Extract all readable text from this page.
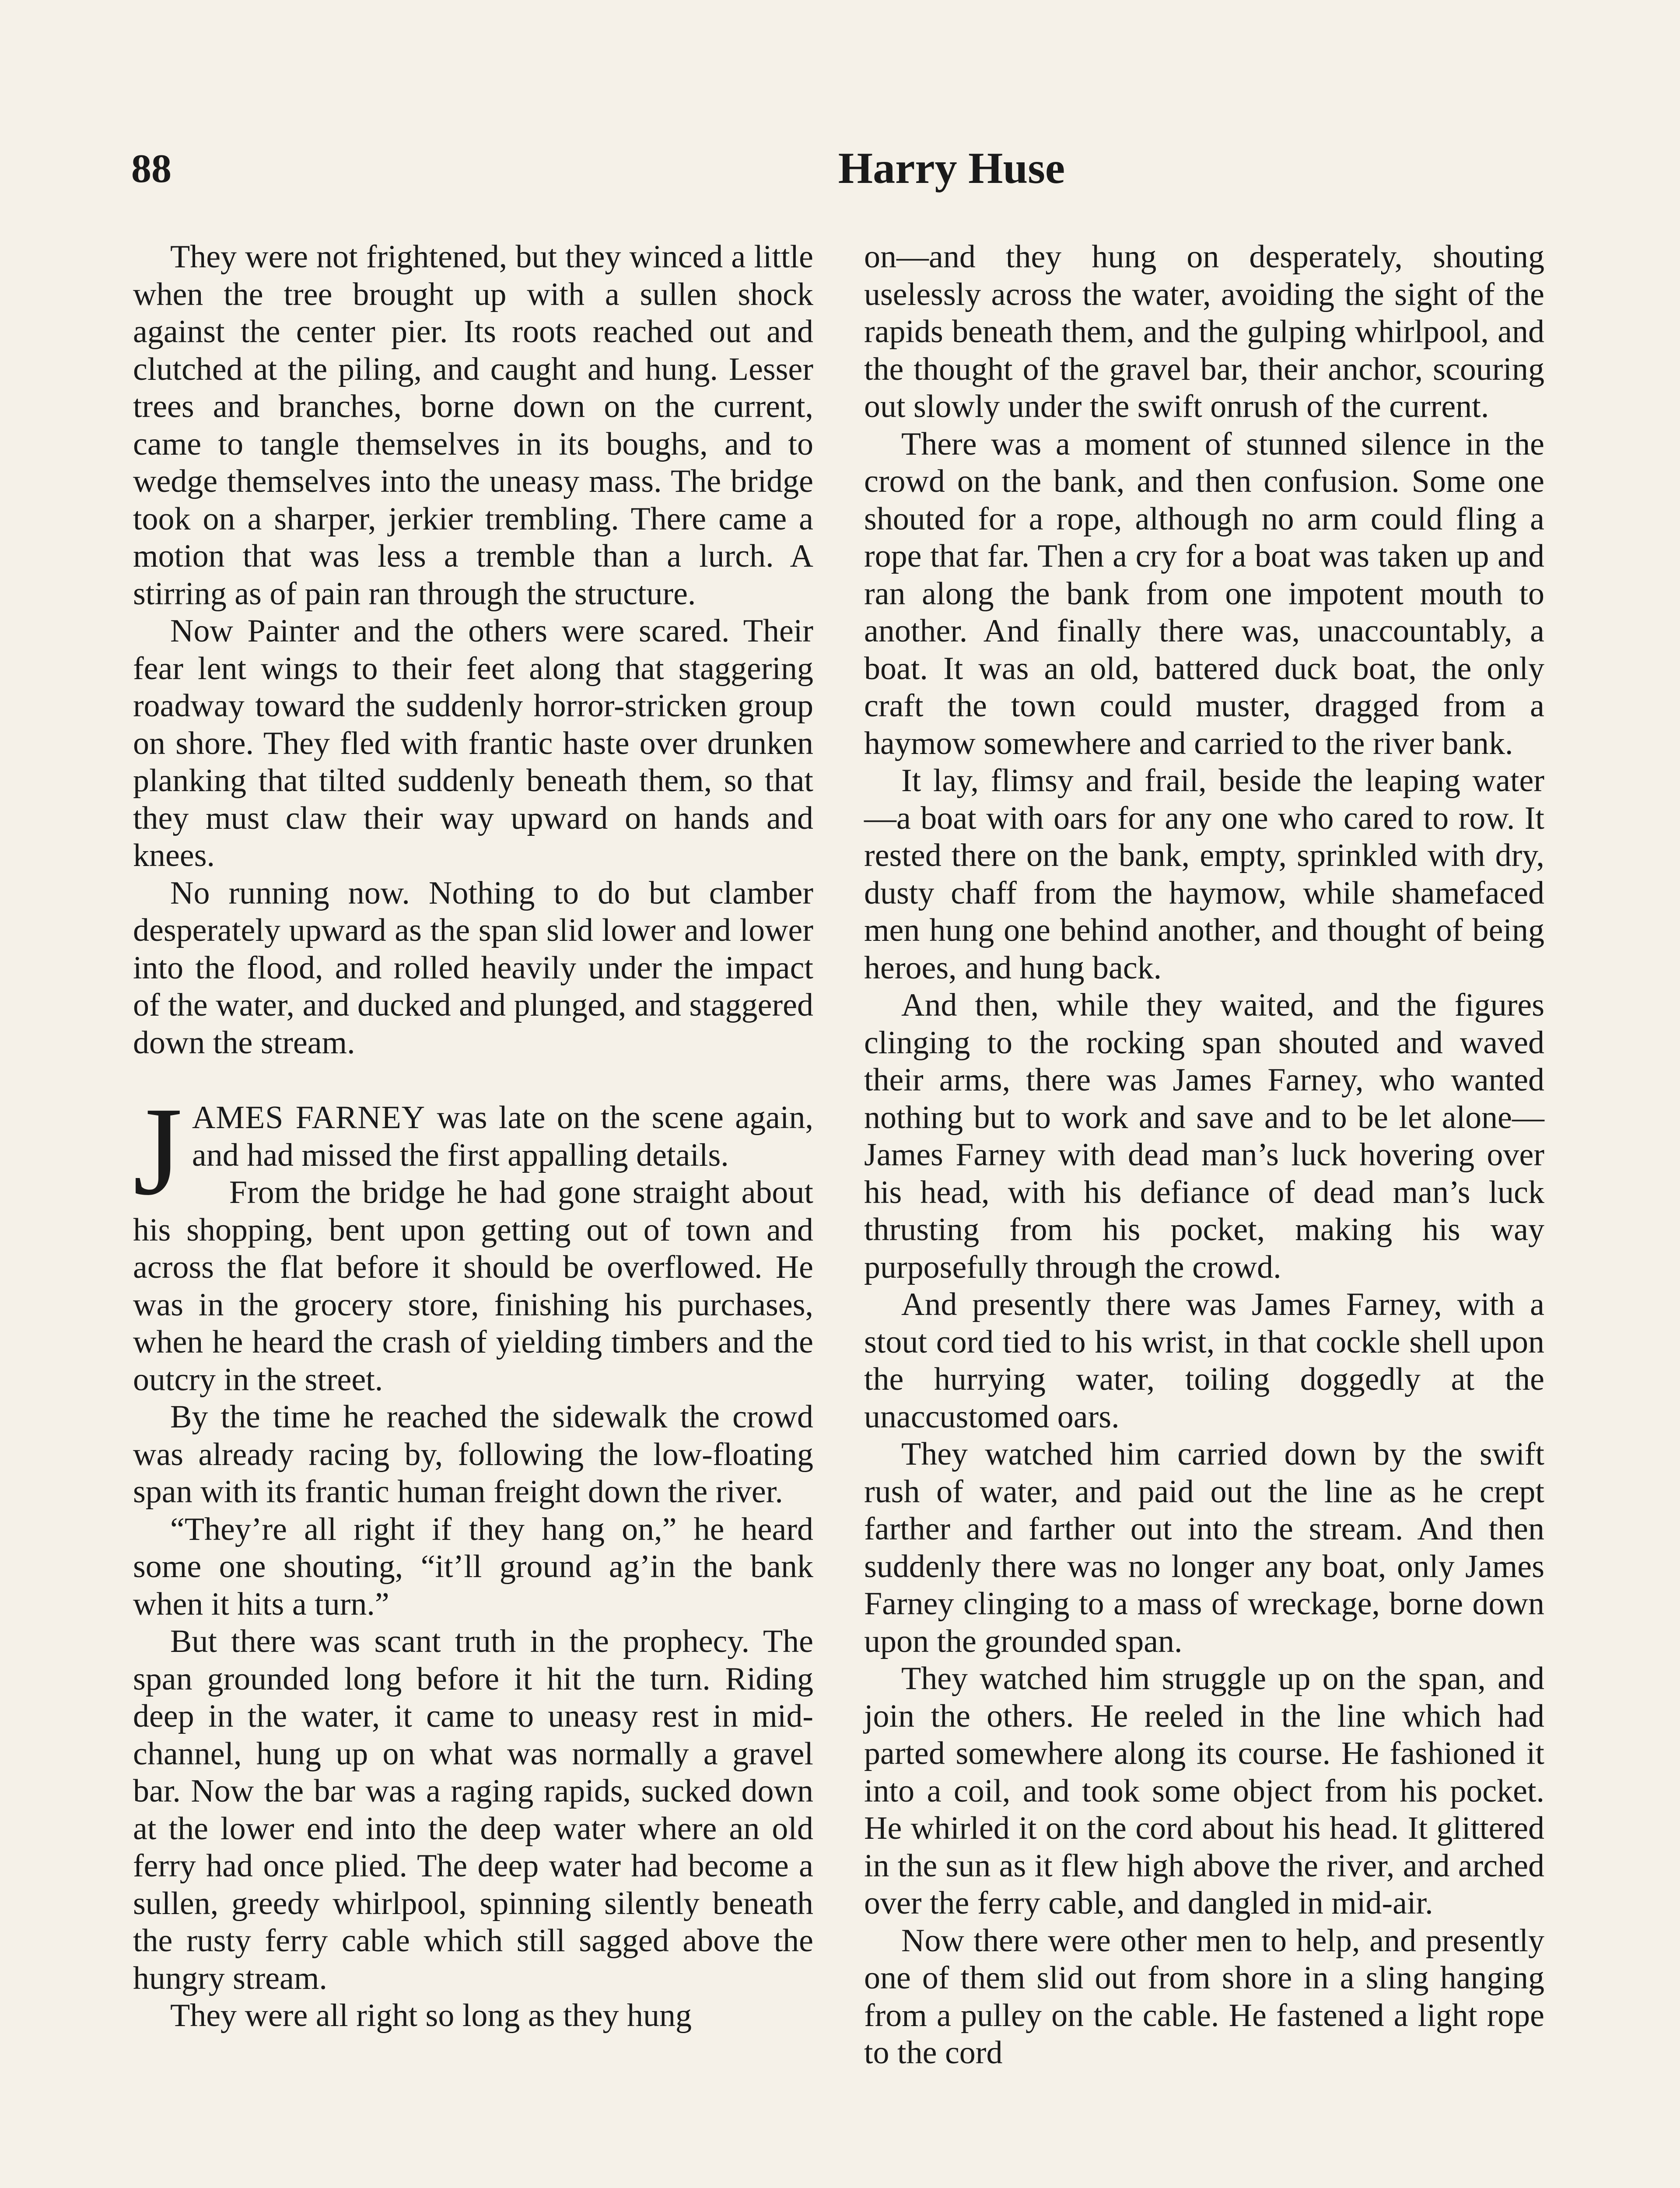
88	Harry Huse

They were not frightened, but they winced a little when the tree brought up with a sullen shock against the center pier. Its roots reached out and clutched at the piling, and caught and hung. Lesser trees and branches, borne down on the current, came to tangle themselves in its boughs, and to wedge themselves into the uneasy mass. The bridge took on a sharper, jerkier trembling. There came a motion that was less a tremble than a lurch. A stirring as of pain ran through the structure.

Now Painter and the others were scared. Their fear lent wings to their feet along that staggering roadway toward the suddenly horror-stricken group on shore. They fled with frantic haste over drunken planking that tilted suddenly beneath them, so that they must claw their way upward on hands and knees.

No running now. Nothing to do but clamber desperately upward as the span slid lower and lower into the flood, and rolled heavily under the impact of the water, and ducked and plunged, and staggered down the stream.

JAMES FARNEY was late on the scene again, and had missed the first appalling details.

From the bridge he had gone straight about his shopping, bent upon getting out of town and across the flat before it should be overflowed. He was in the grocery store, finishing his purchases, when he heard the crash of yielding timbers and the outcry in the street.

By the time he reached the sidewalk the crowd was already racing by, following the low-floating span with its frantic human freight down the river.

“They’re all right if they hang on,” he heard some one shouting, “it’ll ground ag’in the bank when it hits a turn.”

But there was scant truth in the prophecy. The span grounded long before it hit the turn. Riding deep in the water, it came to uneasy rest in mid-channel, hung up on what was normally a gravel bar. Now the bar was a raging rapids, sucked down at the lower end into the deep water where an old ferry had once plied. The deep water had become a sullen, greedy whirlpool, spinning silently beneath the rusty ferry cable which still sagged above the hungry stream.

They were all right so long as they hung

on—and they hung on desperately, shouting uselessly across the water, avoiding the sight of the rapids beneath them, and the gulping whirlpool, and the thought of the gravel bar, their anchor, scouring out slowly under the swift onrush of the current.

There was a moment of stunned silence in the crowd on the bank, and then confusion. Some one shouted for a rope, although no arm could fling a rope that far. Then a cry for a boat was taken up and ran along the bank from one impotent mouth to another. And finally there was, unaccountably, a boat. It was an old, battered duck boat, the only craft the town could muster, dragged from a haymow somewhere and carried to the river bank.

It lay, flimsy and frail, beside the leaping water—a boat with oars for any one who cared to row. It rested there on the bank, empty, sprinkled with dry, dusty chaff from the haymow, while shamefaced men hung one behind another, and thought of being heroes, and hung back.

And then, while they waited, and the figures clinging to the rocking span shouted and waved their arms, there was James Farney, who wanted nothing but to work and save and to be let alone—James Farney with dead man’s luck hovering over his head, with his defiance of dead man’s luck thrusting from his pocket, making his way purposefully through the crowd.

And presently there was James Farney, with a stout cord tied to his wrist, in that cockle shell upon the hurrying water, toiling doggedly at the unaccustomed oars.

They watched him carried down by the swift rush of water, and paid out the line as he crept farther and farther out into the stream. And then suddenly there was no longer any boat, only James Farney clinging to a mass of wreckage, borne down upon the grounded span.

They watched him struggle up on the span, and join the others. He reeled in the line which had parted somewhere along its course. He fashioned it into a coil, and took some object from his pocket. He whirled it on the cord about his head. It glittered in the sun as it flew high above the river, and arched over the ferry cable, and dangled in mid-air.

Now there were other men to help, and presently one of them slid out from shore in a sling hanging from a pulley on the cable. He fastened a light rope to the cord
